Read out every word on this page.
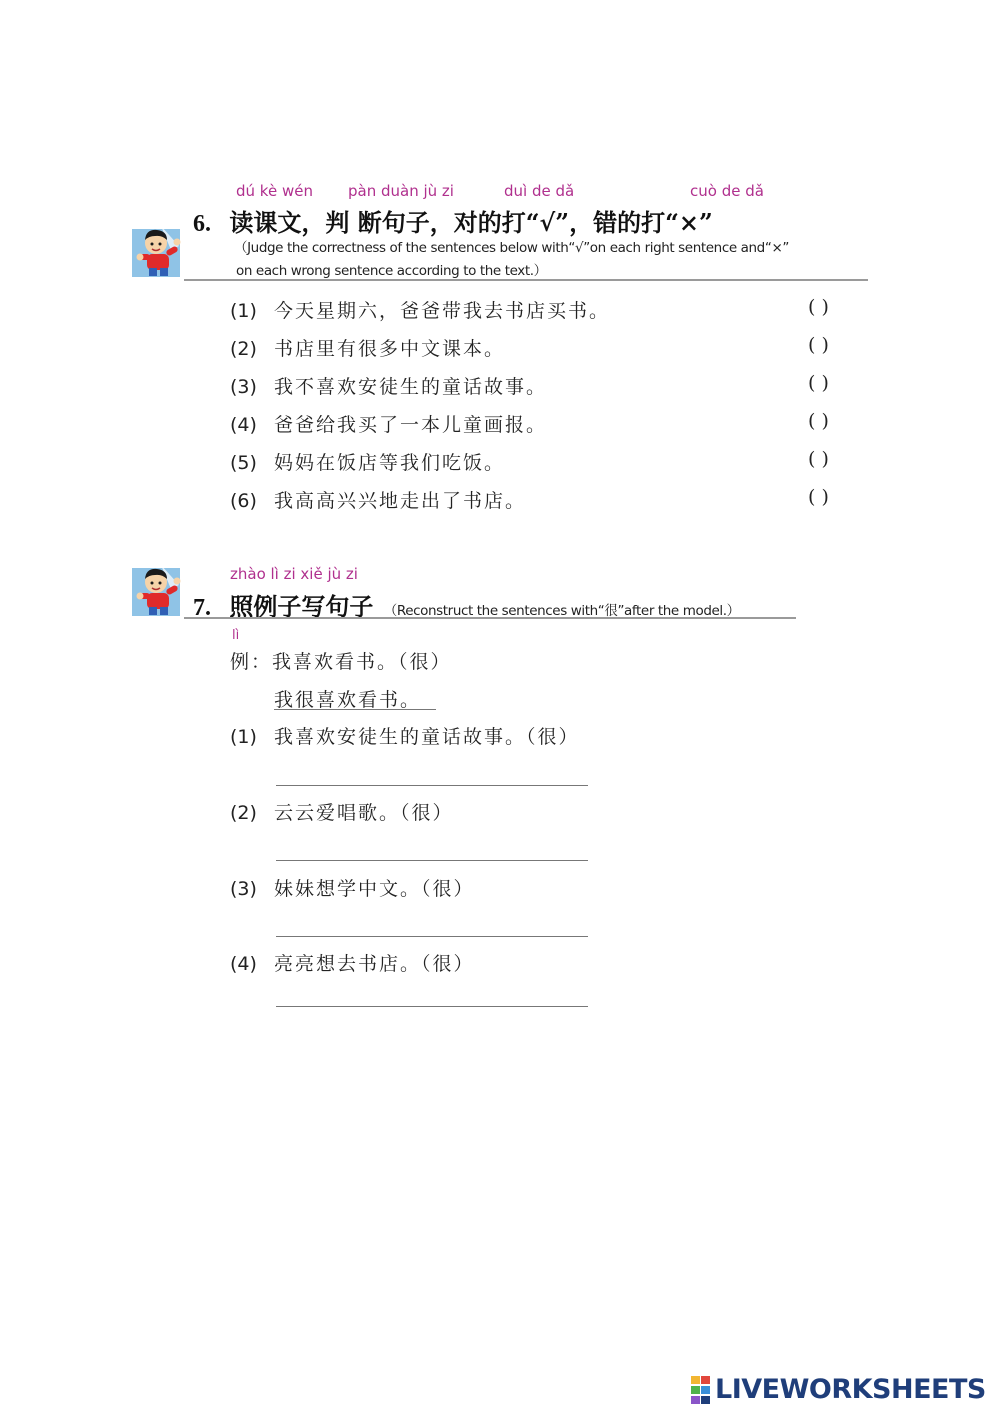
dú kè wén pàn duàn jù zi	duì de dǎ	cuò de dǎ
6. 读课文，判 断句子，对的打“√”，错的打“×”
（Judge the correctness of the sentences below with“√”on each right sentence and“×”
on each wrong sentence according to the text.）
(1) 今天星期六，爸爸带我去书店买书。	( )
(2) 书店里有很多中文课本。	( )
(3) 我不喜欢安徒生的童话故事。	( )
(4) 爸爸给我买了一本儿童画报。	( )
(5) 妈妈在饭店等我们吃饭。	( )
(6) 我高高兴兴地走出了书店。	( )
zhào lì zi xiě jù zi
7. 照例子写句子 （Reconstruct the sentences with“很”after the model.）
lì
例：我喜欢看书。（很）
我很喜欢看书。
(1) 我喜欢安徒生的童话故事。（很）
(2) 云云爱唱歌。（很）
(3) 妹妹想学中文。（很）
(4) 亮亮想去书店。（很）
LIVEWORKSHEETS
